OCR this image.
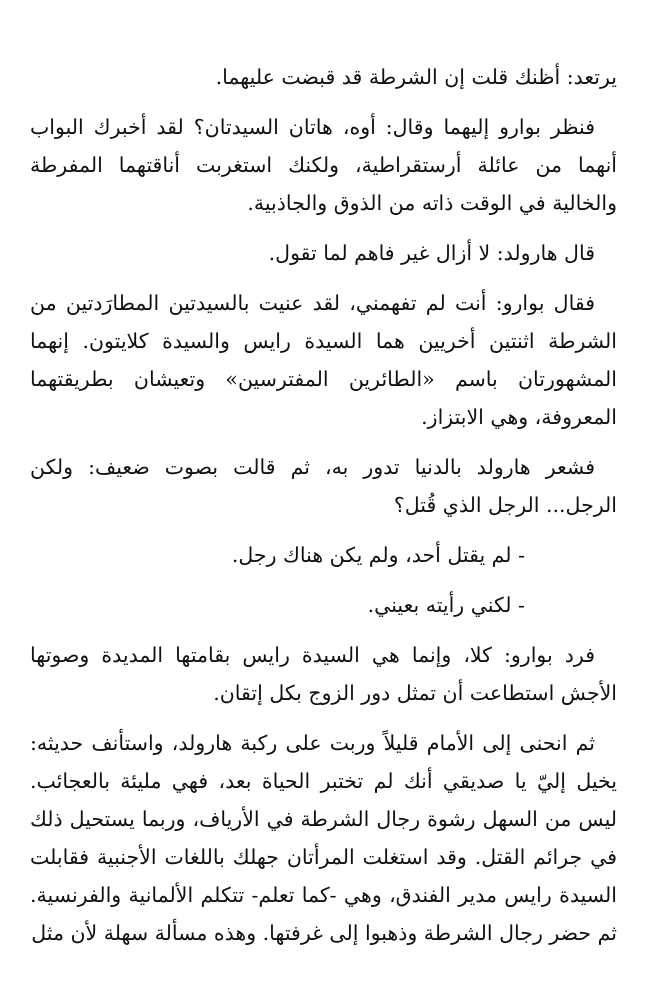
يرتعد: أظنك قلت إن الشرطة قد قبضت عليهما.

فنظر بوارو إليهما وقال: أوه، هاتان السيدتان؟ لقد أخبرك البواب أنهما من عائلة أرستقراطية، ولكنك استغربت أناقتهما المفرطة والخالية في الوقت ذاته من الذوق والجاذبية.

قال هارولد: لا أزال غير فاهم لما تقول.

فقال بوارو: أنت لم تفهمني، لقد عنيت بالسيدتين المطارَدتين من الشرطة اثنتين أخريين هما السيدة رايس والسيدة كلايتون. إنهما المشهورتان باسم «الطائرين المفترسين» وتعيشان بطريقتهما المعروفة، وهي الابتزاز.

فشعر هارولد بالدنيا تدور به، ثم قالت بصوت ضعيف: ولكن الرجل... الرجل الذي قُتل؟

- لم يقتل أحد، ولم يكن هناك رجل.

- لكني رأيته بعيني.

فرد بوارو: كلا، وإنما هي السيدة رايس بقامتها المديدة وصوتها الأجش استطاعت أن تمثل دور الزوج بكل إتقان.

ثم انحنى إلى الأمام قليلاً وربت على ركبة هارولد، واستأنف حديثه: يخيل إليّ يا صديقي أنك لم تختبر الحياة بعد، فهي مليئة بالعجائب. ليس من السهل رشوة رجال الشرطة في الأرياف، وربما يستحيل ذلك في جرائم القتل. وقد استغلت المرأتان جهلك باللغات الأجنبية فقابلت السيدة رايس مدير الفندق، وهي -كما تعلم- تتكلم الألمانية والفرنسية. ثم حضر رجال الشرطة وذهبوا إلى غرفتها. وهذه مسألة سهلة لأن مثل
